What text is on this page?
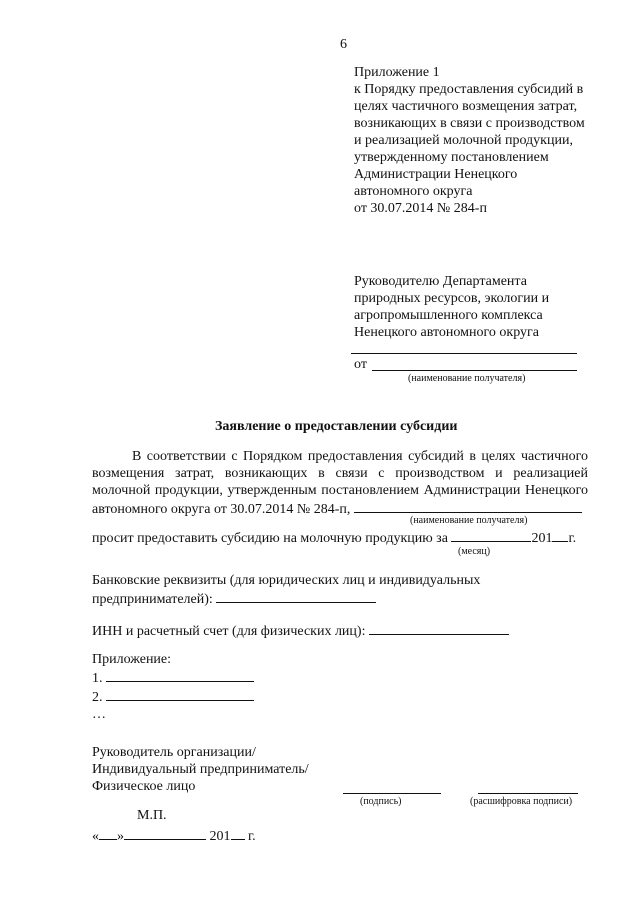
6
Приложение 1
к Порядку предоставления субсидий в
целях частичного возмещения затрат,
возникающих в связи с производством
и реализацией молочной продукции,
утвержденному постановлением
Администрации Ненецкого
автономного округа
от 30.07.2014 № 284-п
Руководителю Департамента
природных ресурсов, экологии и
агропромышленного комплекса
Ненецкого автономного округа
от
(наименование получателя)
Заявление о предоставлении субсидии
В соответствии с Порядком предоставления субсидий в целях частичного возмещения затрат, возникающих в связи с производством и реализацией молочной продукции, утвержденным постановлением Администрации Ненецкого автономного округа от 30.07.2014 № 284-п,
(наименование получателя)
просит предоставить субсидию на молочную продукцию за	201 г.
(месяц)
Банковские реквизиты (для юридических лиц и индивидуальных
предпринимателей):
ИНН и расчетный счет (для физических лиц):
Приложение:
1.
2.
…
Руководитель организации/
Индивидуальный предприниматель/
Физическое лицо
(подпись)	(расшифровка подписи)
М.П.
« »	201 г.
